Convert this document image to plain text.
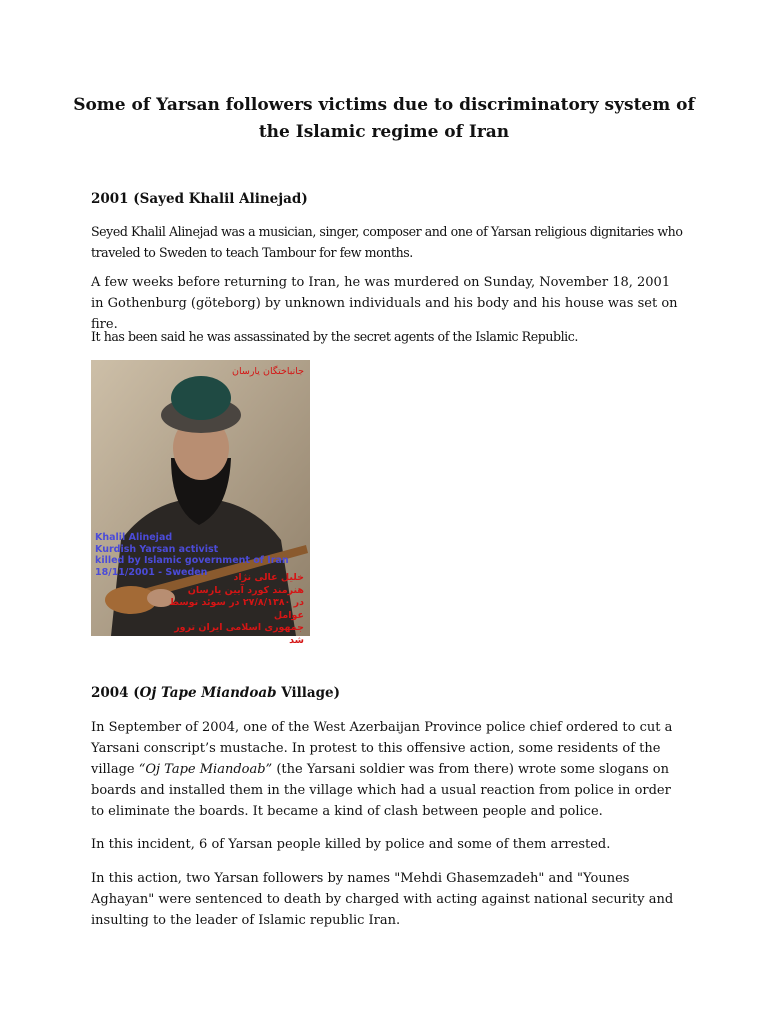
Some of Yarsan followers victims due to discriminatory system of
the Islamic regime of Iran
2001 (Sayed Khalil Alinejad)

Seyed Khalil Alinejad was a musician, singer, composer and one of Yarsan religious dignitaries who traveled to Sweden to teach Tambour for few months.

A few weeks before returning to Iran, he was murdered on Sunday, November 18, 2001 in Gothenburg (göteborg) by unknown individuals and his body and his house was set on fire.

It has been said he was assassinated by the secret agents of the Islamic Republic.

جانباختگان یارسان
Khalil Alinejad
Kurdish Yarsan activist
killed by Islamic government of Iran
18/11/2001 - Sweden	خلیل عالی نژاد
هنرمند کورد آیین یارسان
در ۲۷/۸/۱۳۸۰ در سوئد توسط عوامل
جمهوری اسلامی ایران ترور شد
2004 (Oj Tape Miandoab Village)

In September of 2004, one of the West Azerbaijan Province police chief ordered to cut a Yarsani conscript’s mustache. In protest to this offensive action, some residents of the village “Oj Tape Miandoab” (the Yarsani soldier was from there) wrote some slogans on boards and installed them in the village which had a usual reaction from police in order to eliminate the boards. It became a kind of clash between people and police.

In this incident, 6 of Yarsan people killed by police and some of them arrested.

In this action, two Yarsan followers by names "Mehdi Ghasemzadeh" and "Younes Aghayan" were sentenced to death by charged with acting against national security and insulting to the leader of Islamic republic Iran.
